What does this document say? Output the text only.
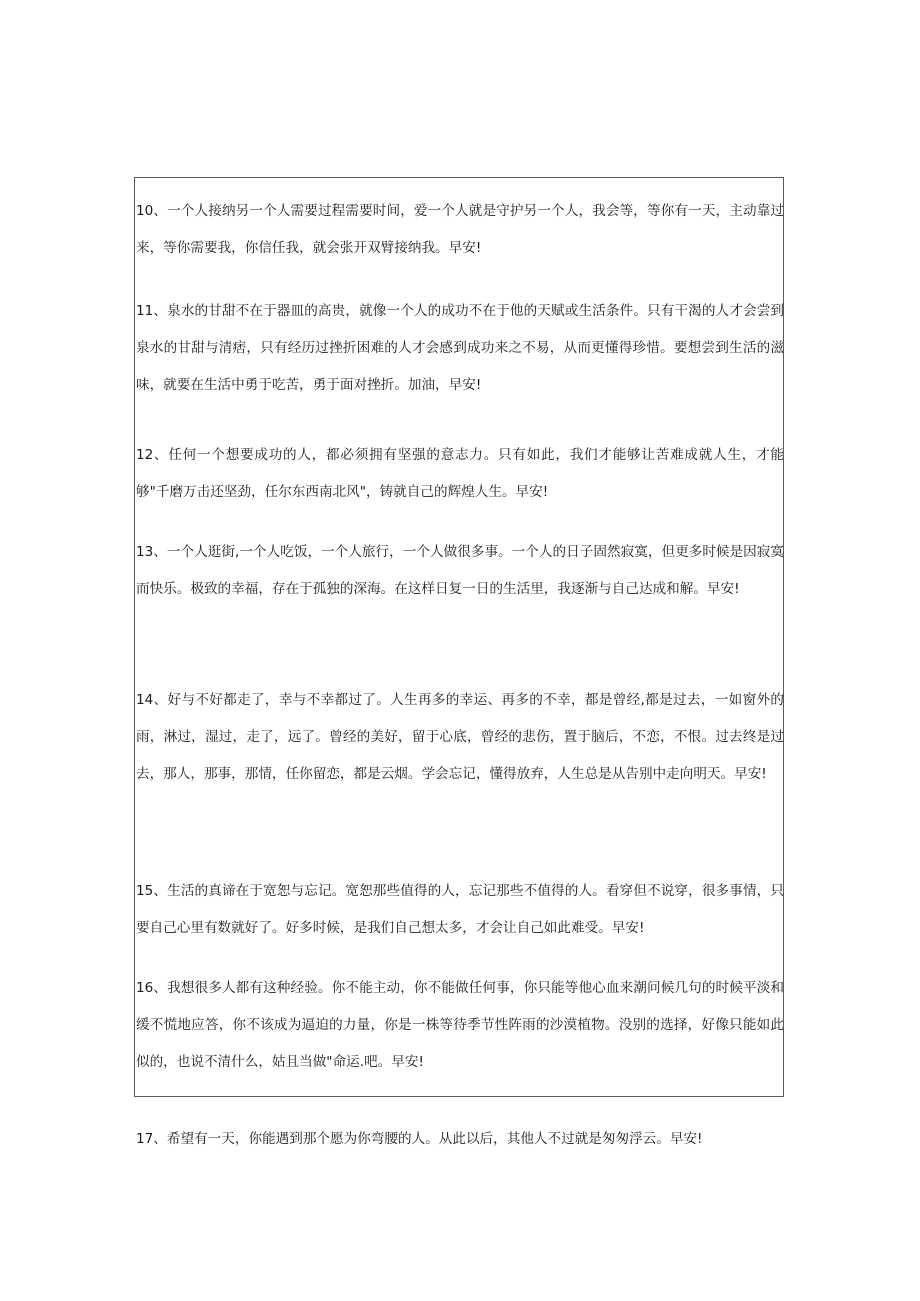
10、一个人接纳另一个人需要过程需要时间，爱一个人就是守护另一个人，我会等，等你有一天，主动靠过来，等你需要我，你信任我，就会张开双臂接纳我。早安!

11、泉水的甘甜不在于器皿的高贵，就像一个人的成功不在于他的天赋或生活条件。只有干渴的人才会尝到泉水的甘甜与清痞，只有经历过挫折困难的人才会感到成功来之不易，从而更懂得珍惜。要想尝到生活的滋味，就要在生活中勇于吃苦，勇于面对挫折。加油，早安!

12、任何一个想要成功的人，都必须拥有坚强的意志力。只有如此，我们才能够让苦难成就人生，才能够"千磨万击还坚劲，任尔东西南北风"，铸就自己的辉煌人生。早安!

13、一个人逛街,一个人吃饭，一个人旅行，一个人做很多事。一个人的日子固然寂寞，但更多时候是因寂寞而快乐。极致的幸福，存在于孤独的深海。在这样日复一日的生活里，我逐渐与自己达成和解。早安!

14、好与不好都走了，幸与不幸都过了。人生再多的幸运、再多的不幸，都是曾经,都是过去，一如窗外的雨，淋过，湿过，走了，远了。曾经的美好，留于心底，曾经的悲伤，置于脑后，不恋，不恨。过去终是过去，那人，那事，那情，任你留恋，都是云烟。学会忘记，懂得放弃，人生总是从告别中走向明天。早安!

15、生活的真谛在于宽恕与忘记。宽恕那些值得的人，忘记那些不值得的人。看穿但不说穿，很多事情，只要自己心里有数就好了。好多时候，是我们自己想太多，才会让自己如此难受。早安!

16、我想很多人都有这种经验。你不能主动，你不能做任何事，你只能等他心血来潮问候几句的时候平淡和缓不慌地应答，你不该成为逼迫的力量，你是一株等待季节性阵雨的沙漠植物。没别的选择，好像只能如此似的，也说不清什么，姑且当做"命运.吧。早安!

17、希望有一天，你能遇到那个愿为你弯腰的人。从此以后，其他人不过就是匆匆浮云。早安!
